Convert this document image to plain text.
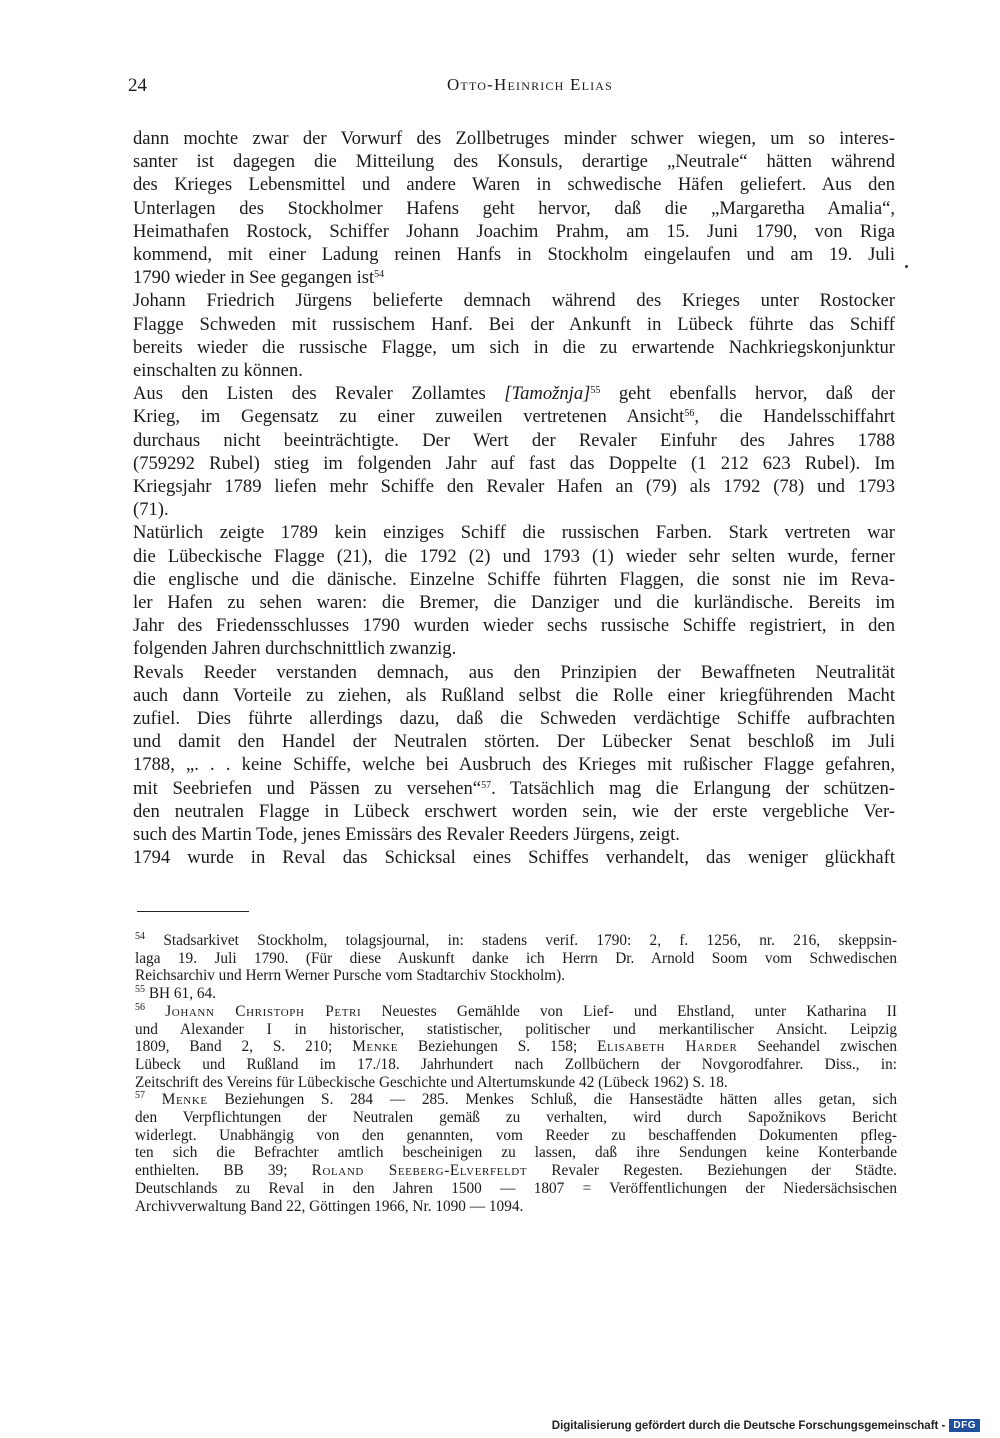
24	Otto-Heinrich Elias

dann mochte zwar der Vorwurf des Zollbetruges minder schwer wiegen, um so interes-
santer ist dagegen die Mitteilung des Konsuls, derartige „Neutrale“ hätten während
des Krieges Lebensmittel und andere Waren in schwedische Häfen geliefert. Aus den
Unterlagen des Stockholmer Hafens geht hervor, daß die „Margaretha Amalia“,
Heimathafen Rostock, Schiffer Johann Joachim Prahm, am 15. Juni 1790, von Riga
kommend, mit einer Ladung reinen Hanfs in Stockholm eingelaufen und am 19. Juli
1790 wieder in See gegangen ist$^{54}$

Johann Friedrich Jürgens belieferte demnach während des Krieges unter Rostocker
Flagge Schweden mit russischem Hanf. Bei der Ankunft in Lübeck führte das Schiff
bereits wieder die russische Flagge, um sich in die zu erwartende Nachkriegskonjunktur
einschalten zu können.

Aus den Listen des Revaler Zollamtes [Tamožnja]$^{55}$ geht ebenfalls hervor, daß der
Krieg, im Gegensatz zu einer zuweilen vertretenen Ansicht$^{56}$, die Handelsschiffahrt
durchaus nicht beeinträchtigte. Der Wert der Revaler Einfuhr des Jahres 1788
(759292 Rubel) stieg im folgenden Jahr auf fast das Doppelte (1 212 623 Rubel). Im
Kriegsjahr 1789 liefen mehr Schiffe den Revaler Hafen an (79) als 1792 (78) und 1793
(71).

Natürlich zeigte 1789 kein einziges Schiff die russischen Farben. Stark vertreten war
die Lübeckische Flagge (21), die 1792 (2) und 1793 (1) wieder sehr selten wurde, ferner
die englische und die dänische. Einzelne Schiffe führten Flaggen, die sonst nie im Reva-
ler Hafen zu sehen waren: die Bremer, die Danziger und die kurländische. Bereits im
Jahr des Friedensschlusses 1790 wurden wieder sechs russische Schiffe registriert, in den
folgenden Jahren durchschnittlich zwanzig.

Revals Reeder verstanden demnach, aus den Prinzipien der Bewaffneten Neutralität
auch dann Vorteile zu ziehen, als Rußland selbst die Rolle einer kriegführenden Macht
zufiel. Dies führte allerdings dazu, daß die Schweden verdächtige Schiffe aufbrachten
und damit den Handel der Neutralen störten. Der Lübecker Senat beschloß im Juli
1788, „. . . keine Schiffe, welche bei Ausbruch des Krieges mit rußischer Flagge gefahren,
mit Seebriefen und Pässen zu versehen“$^{57}$. Tatsächlich mag die Erlangung der schützen-
den neutralen Flagge in Lübeck erschwert worden sein, wie der erste vergebliche Ver-
such des Martin Tode, jenes Emissärs des Revaler Reeders Jürgens, zeigt.

1794 wurde in Reval das Schicksal eines Schiffes verhandelt, das weniger glückhaft

$^{54}$ Stadsarkivet Stockholm, tolagsjournal, in: stadens verif. 1790: 2, f. 1256, nr. 216, skeppsin-
laga 19. Juli 1790. (Für diese Auskunft danke ich Herrn Dr. Arnold Soom vom Schwedischen
Reichsarchiv und Herrn Werner Pursche vom Stadtarchiv Stockholm).
$^{55}$ BH 61, 64.
$^{56}$ Johann Christoph Petri Neuestes Gemählde von Lief- und Ehstland, unter Katharina II
und Alexander I in historischer, statistischer, politischer und merkantilischer Ansicht. Leipzig
1809, Band 2, S. 210; Menke Beziehungen S. 158; Elisabeth Harder Seehandel zwischen
Lübeck und Rußland im 17./18. Jahrhundert nach Zollbüchern der Novgorodfahrer. Diss., in:
Zeitschrift des Vereins für Lübeckische Geschichte und Altertumskunde 42 (Lübeck 1962) S. 18.
$^{57}$ Menke Beziehungen S. 284 — 285. Menkes Schluß, die Hansestädte hätten alles getan, sich
den Verpflichtungen der Neutralen gemäß zu verhalten, wird durch Sapožnikovs Bericht
widerlegt. Unabhängig von den genannten, vom Reeder zu beschaffenden Dokumenten pfleg-
ten sich die Befrachter amtlich bescheinigen zu lassen, daß ihre Sendungen keine Konterbande
enthielten. BB 39; Roland Seeberg-Elverfeldt Revaler Regesten. Beziehungen der Städte.
Deutschlands zu Reval in den Jahren 1500 — 1807 = Veröffentlichungen der Niedersächsischen
Archivverwaltung Band 22, Göttingen 1966, Nr. 1090 — 1094.
Digitalisierung gefördert durch die Deutsche Forschungsgemeinschaft - DFG
